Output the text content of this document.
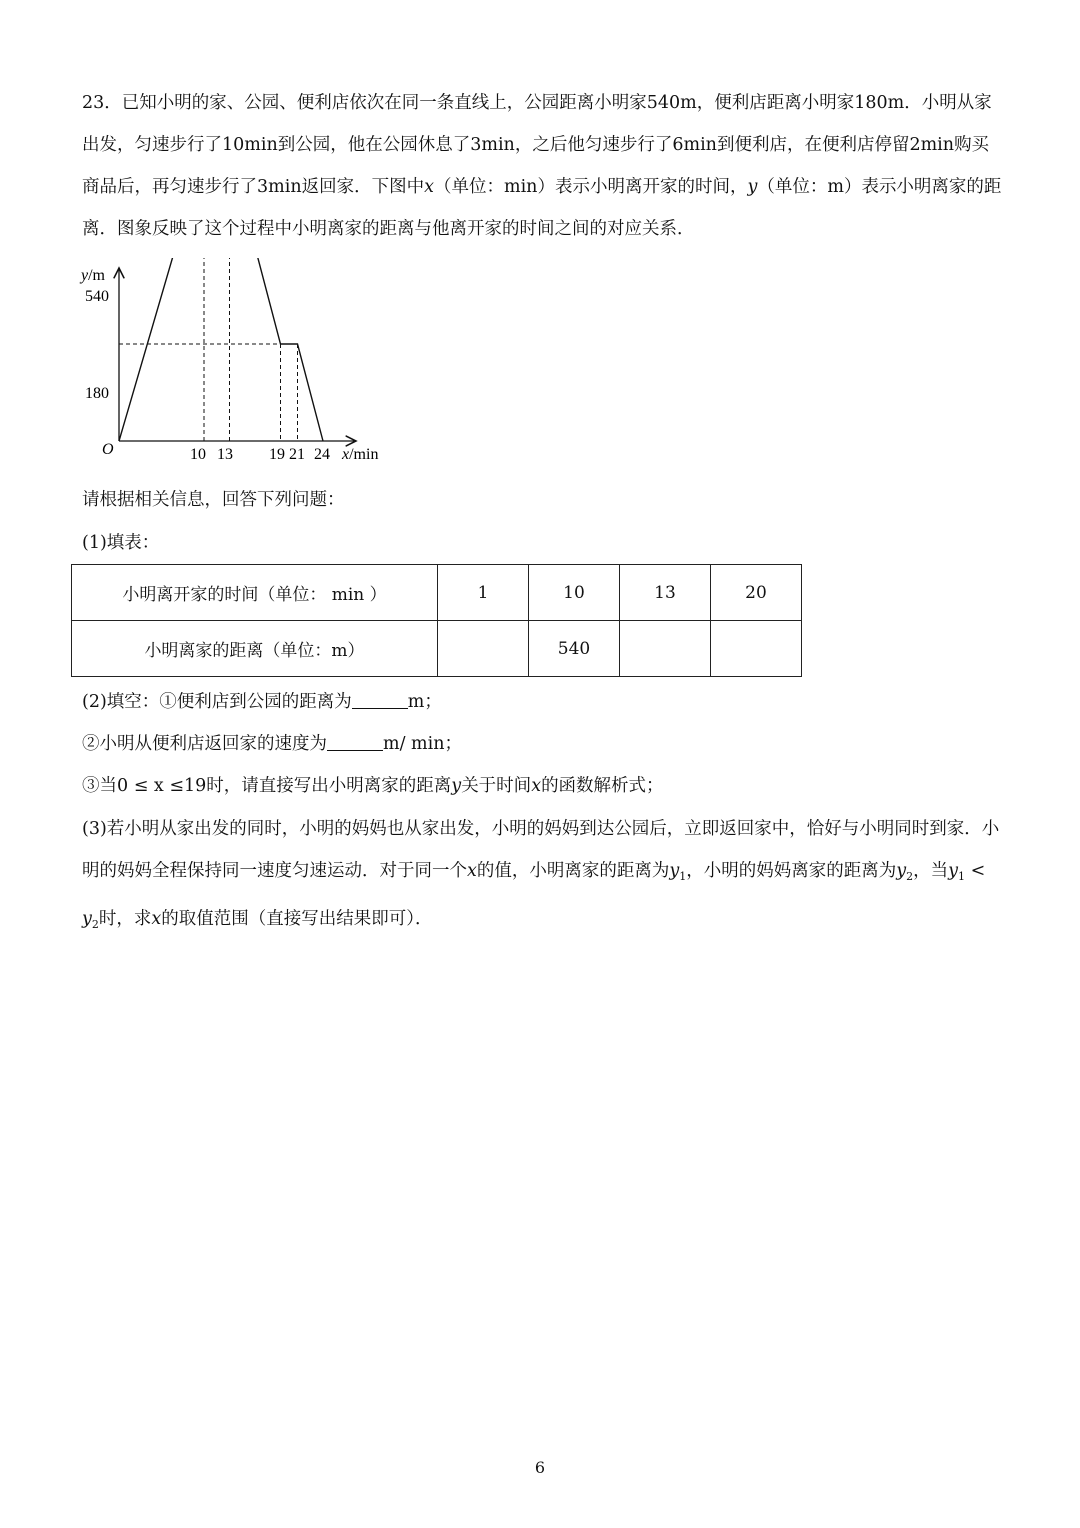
23．已知小明的家、公园、便利店依次在同一条直线上，公园距离小明家540m，便利店距离小明家180m．小明从家出发，匀速步行了10min到公园，他在公园休息了3min，之后他匀速步行了6min到便利店，在便利店停留2min购买商品后，再匀速步行了3min返回家．下图中x（单位：min）表示小明离开家的时间，y（单位：m）表示小明离家的距离．图象反映了这个过程中小明离家的距离与他离开家的时间之间的对应关系．
O
y/m
x/min
540
180
10 13 19 21 24
请根据相关信息，回答下列问题：
(1)填表：
小明离开家的时间（单位： min ）	1	10	13	20
小明离家的距离（单位：m）		540		
(2)填空：①便利店到公园的距离为	m；
②小明从便利店返回家的速度为	m/ min；
③当0 ≤ x ≤19时，请直接写出小明离家的距离y关于时间x的函数解析式；
(3)若小明从家出发的同时，小明的妈妈也从家出发，小明的妈妈到达公园后，立即返回家中，恰好与小明同时到家．小明的妈妈全程保持同一速度匀速运动．对于同一个x的值，小明离家的距离为$y_1$，小明的妈妈离家的距离为$y_2$，当$y_1 < y_2$时，求x的取值范围（直接写出结果即可）．
6
